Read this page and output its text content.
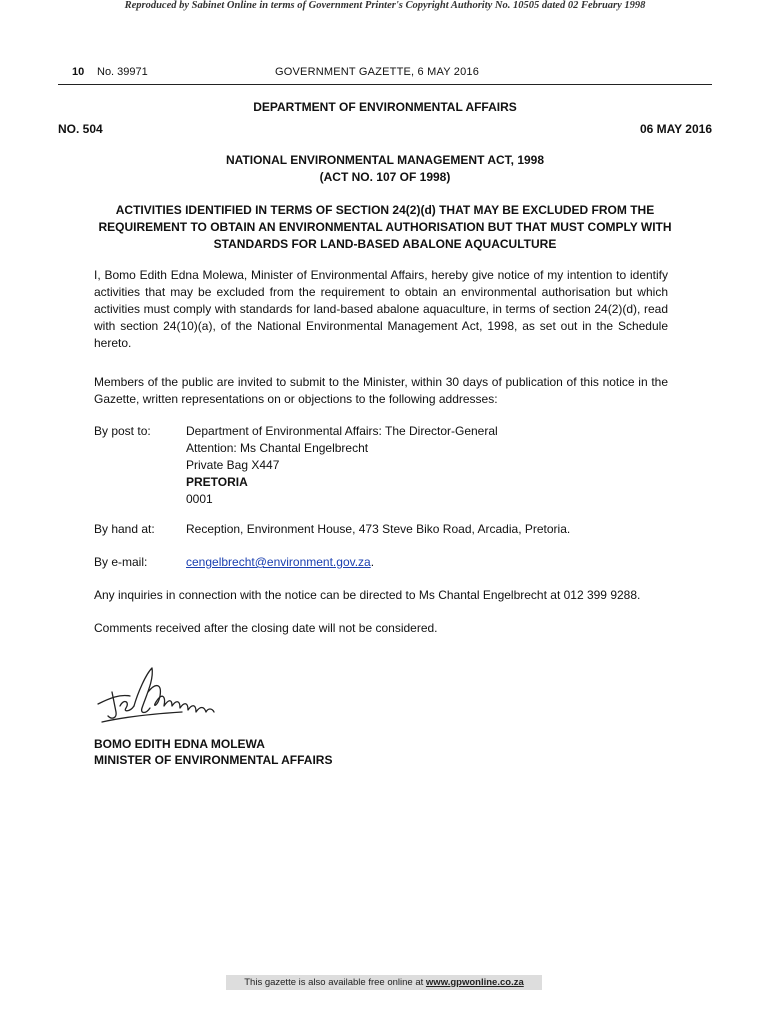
Reproduced by Sabinet Online in terms of Government Printer's Copyright Authority No. 10505 dated 02 February 1998
10 No. 39971	GOVERNMENT GAZETTE, 6 MAY 2016
DEPARTMENT OF ENVIRONMENTAL AFFAIRS
NO. 504	06 MAY 2016
NATIONAL ENVIRONMENTAL MANAGEMENT ACT, 1998
(ACT NO. 107 OF 1998)
ACTIVITIES IDENTIFIED IN TERMS OF SECTION 24(2)(d) THAT MAY BE EXCLUDED FROM THE REQUIREMENT TO OBTAIN AN ENVIRONMENTAL AUTHORISATION BUT THAT MUST COMPLY WITH STANDARDS FOR LAND-BASED ABALONE AQUACULTURE
I, Bomo Edith Edna Molewa, Minister of Environmental Affairs, hereby give notice of my intention to identify activities that may be excluded from the requirement to obtain an environmental authorisation but which activities must comply with standards for land-based abalone aquaculture, in terms of section 24(2)(d), read with section 24(10)(a), of the National Environmental Management Act, 1998, as set out in the Schedule hereto.
Members of the public are invited to submit to the Minister, within 30 days of publication of this notice in the Gazette, written representations on or objections to the following addresses:
By post to:	Department of Environmental Affairs: The Director-General
Attention: Ms Chantal Engelbrecht
Private Bag X447
PRETORIA
0001
By hand at:	Reception, Environment House, 473 Steve Biko Road, Arcadia, Pretoria.
By e-mail:	cengelbrecht@environment.gov.za.
Any inquiries in connection with the notice can be directed to Ms Chantal Engelbrecht at 012 399 9288.
Comments received after the closing date will not be considered.
BOMO EDITH EDNA MOLEWA
MINISTER OF ENVIRONMENTAL AFFAIRS
This gazette is also available free online at www.gpwonline.co.za
